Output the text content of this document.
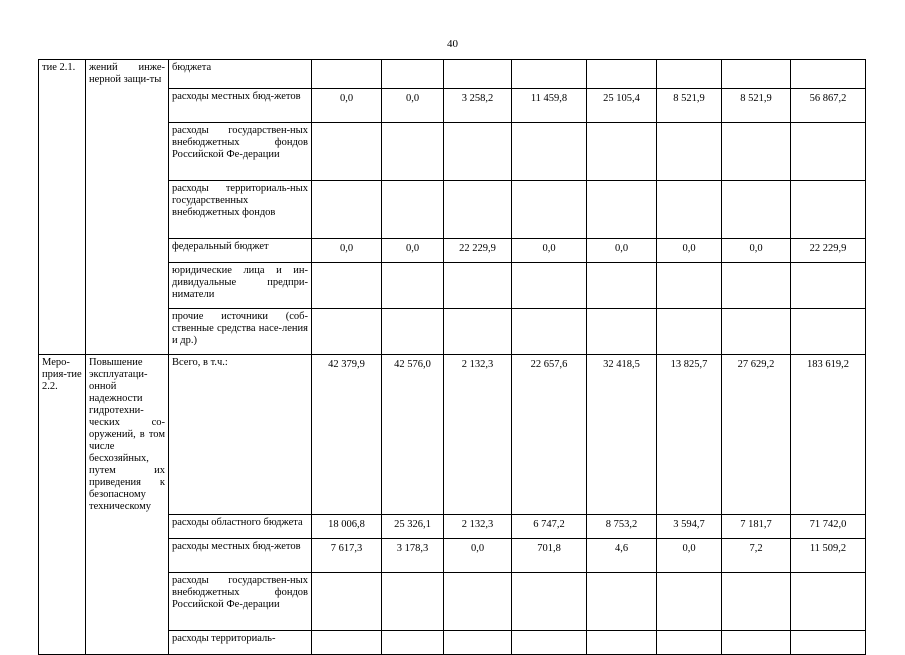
40
тие 2.1.	жений инже-нерной защи-ты	бюджета								
		расходы местных бюд-жетов	0,0	0,0	3 258,2	11 459,8	25 105,4	8 521,9	8 521,9	56 867,2
		расходы государствен-ных внебюджетных фондов Российской Фе-дерации								
		расходы территориаль-ных государственных внебюджетных фондов								
		федеральный бюджет	0,0	0,0	22 229,9	0,0	0,0	0,0	0,0	22 229,9
		юридические лица и ин-дивидуальные предпри-ниматели								
		прочие источники (соб-ственные средства насе-ления и др.)								
Меро-прия-тие 2.2.	Повышение эксплуатаци-онной надежности гидротехни-ческих со-оружений, в том числе бесхозяйных, путем их приведения к безопасному техническому	Всего, в т.ч.:	42 379,9	42 576,0	2 132,3	22 657,6	32 418,5	13 825,7	27 629,2	183 619,2
		расходы областного бюджета	18 006,8	25 326,1	2 132,3	6 747,2	8 753,2	3 594,7	7 181,7	71 742,0
		расходы местных бюд-жетов	7 617,3	3 178,3	0,0	701,8	4,6	0,0	7,2	11 509,2
		расходы государствен-ных внебюджетных фондов Российской Фе-дерации								
		расходы территориаль-								
